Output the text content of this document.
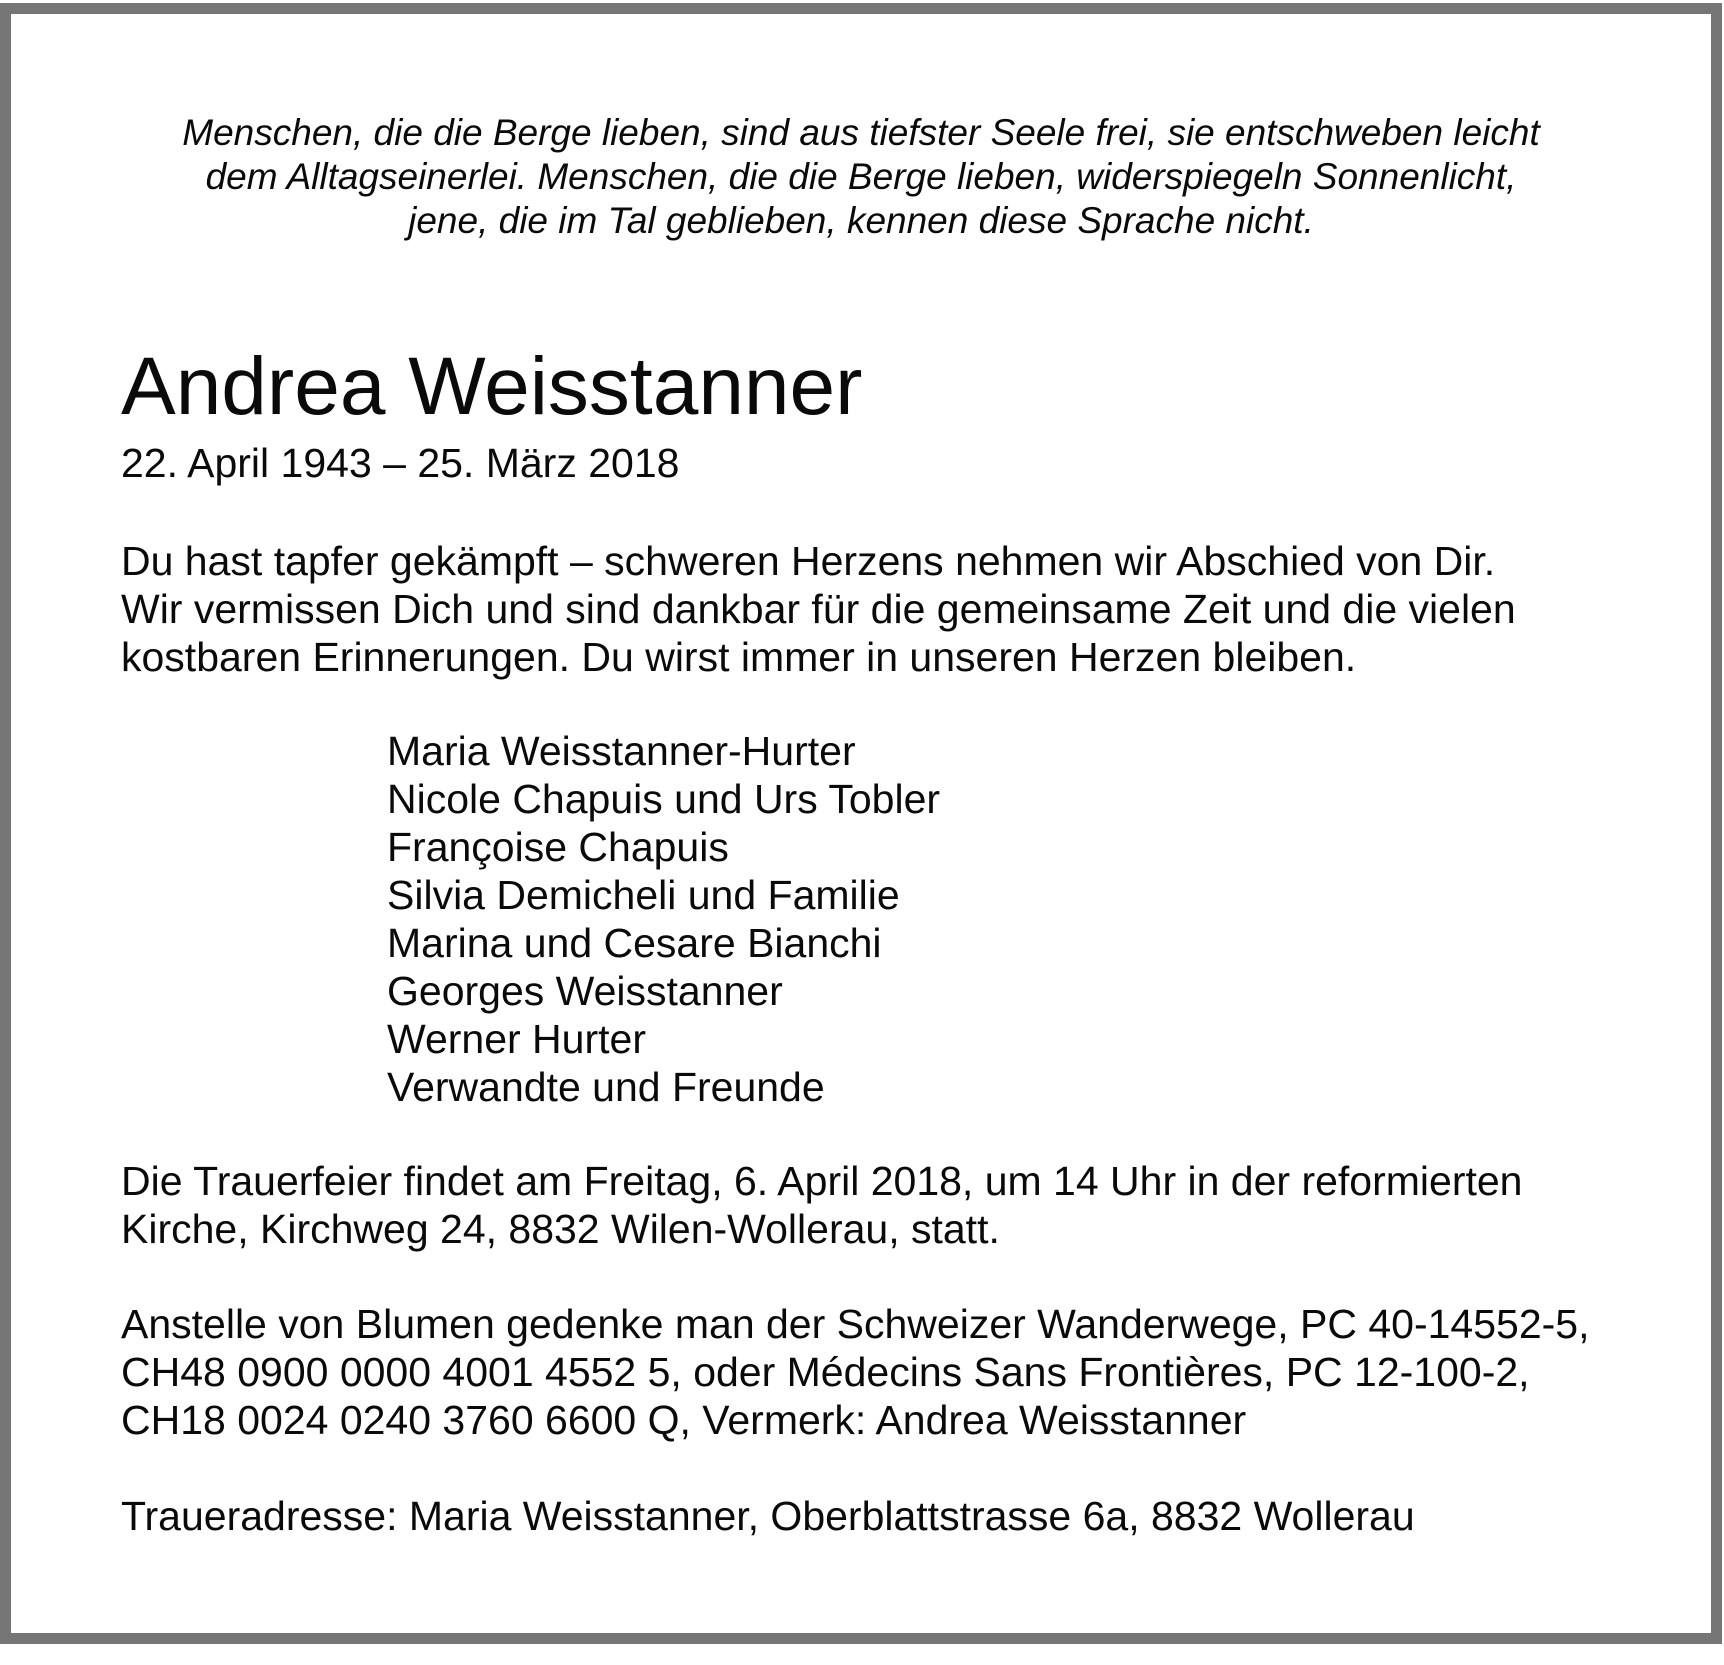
Menschen, die die Berge lieben, sind aus tiefster Seele frei, sie entschweben leicht
dem Alltagseinerlei. Menschen, die die Berge lieben, widerspiegeln Sonnenlicht,
jene, die im Tal geblieben, kennen diese Sprache nicht.
Andrea Weisstanner
22. April 1943 – 25. März 2018
Du hast tapfer gekämpft – schweren Herzens nehmen wir Abschied von Dir.
Wir vermissen Dich und sind dankbar für die gemeinsame Zeit und die vielen
kostbaren Erinnerungen. Du wirst immer in unseren Herzen bleiben.
Maria Weisstanner-Hurter
Nicole Chapuis und Urs Tobler
Françoise Chapuis
Silvia Demicheli und Familie
Marina und Cesare Bianchi
Georges Weisstanner
Werner Hurter
Verwandte und Freunde
Die Trauerfeier findet am Freitag, 6. April 2018, um 14 Uhr in der reformierten
Kirche, Kirchweg 24, 8832 Wilen-Wollerau, statt.
Anstelle von Blumen gedenke man der Schweizer Wanderwege, PC 40-14552-5,
CH48 0900 0000 4001 4552 5, oder Médecins Sans Frontières, PC 12-100-2,
CH18 0024 0240 3760 6600 Q, Vermerk: Andrea Weisstanner
Traueradresse: Maria Weisstanner, Oberblattstrasse 6a, 8832 Wollerau
